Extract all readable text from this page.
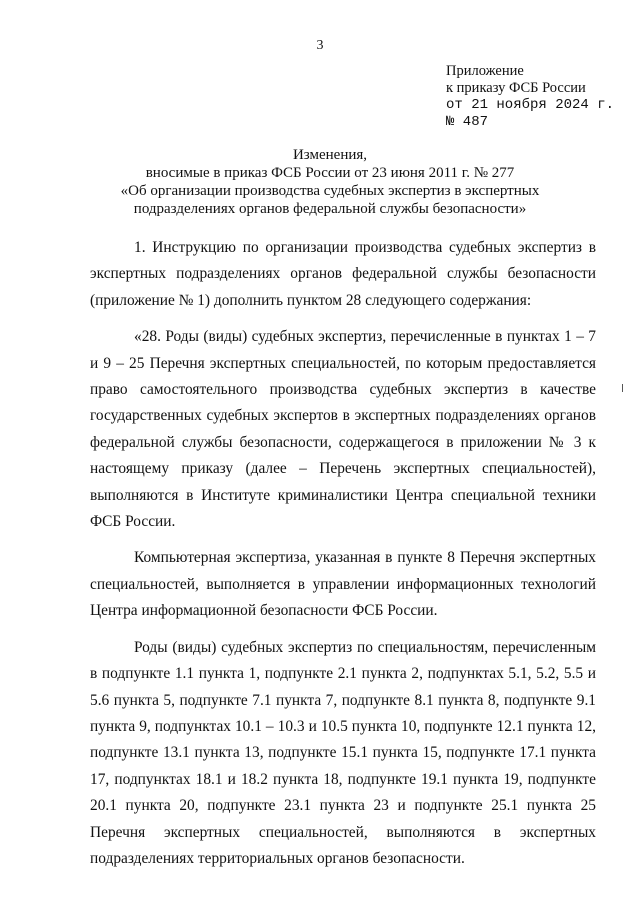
3
Приложение
к приказу ФСБ России
от 21 ноября 2024 г.
№ 487
Изменения,
вносимые в приказ ФСБ России от 23 июня 2011 г. № 277
«Об организации производства судебных экспертиз в экспертных
подразделениях органов федеральной службы безопасности»

1. Инструкцию по организации производства судебных экспертиз в экспертных подразделениях органов федеральной службы безопасности (приложение № 1) дополнить пунктом 28 следующего содержания:

«28. Роды (виды) судебных экспертиз, перечисленные в пунктах 1 – 7 и 9 – 25 Перечня экспертных специальностей, по которым предоставляется право самостоятельного производства судебных экспертиз в качестве государственных судебных экспертов в экспертных подразделениях органов федеральной службы безопасности, содержащегося в приложении № 3 к настоящему приказу (далее – Перечень экспертных специальностей), выполняются в Институте криминалистики Центра специальной техники ФСБ России.

Компьютерная экспертиза, указанная в пункте 8 Перечня экспертных специальностей, выполняется в управлении информационных технологий Центра информационной безопасности ФСБ России.

Роды (виды) судебных экспертиз по специальностям, перечисленным в подпункте 1.1 пункта 1, подпункте 2.1 пункта 2, подпунктах 5.1, 5.2, 5.5 и 5.6 пункта 5, подпункте 7.1 пункта 7, подпункте 8.1 пункта 8, подпункте 9.1 пункта 9, подпунктах 10.1 – 10.3 и 10.5 пункта 10, подпункте 12.1 пункта 12, подпункте 13.1 пункта 13, подпункте 15.1 пункта 15, подпункте 17.1 пункта 17, подпунктах 18.1 и 18.2 пункта 18, подпункте 19.1 пункта 19, подпункте 20.1 пункта 20, подпункте 23.1 пункта 23 и подпункте 25.1 пункта 25 Перечня экспертных специальностей, выполняются в экспертных подразделениях территориальных органов безопасности.
